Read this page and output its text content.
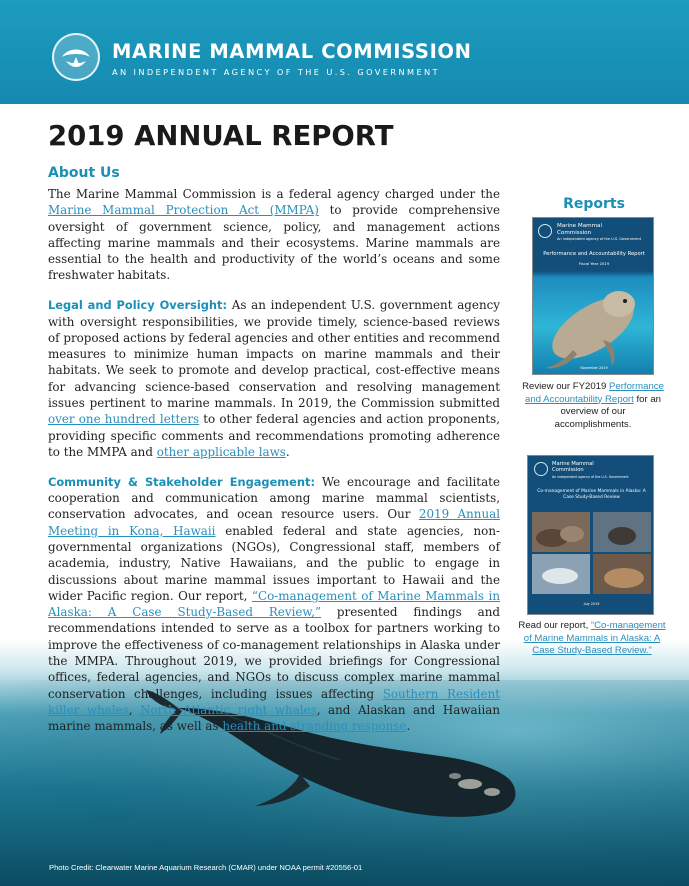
MARINE MAMMAL COMMISSION
AN INDEPENDENT AGENCY OF THE U.S. GOVERNMENT
2019 ANNUAL REPORT
About Us

The Marine Mammal Commission is a federal agency charged under the Marine Mammal Protection Act (MMPA) to provide comprehensive oversight of government science, policy, and management actions affecting marine mammals and their ecosystems. Marine mammals are essential to the health and productivity of the world’s oceans and some freshwater habitats.

Legal and Policy Oversight: As an independent U.S. government agency with oversight responsibilities, we provide timely, science-based reviews of proposed actions by federal agencies and other entities and recommend measures to minimize human impacts on marine mammals and their habitats. We seek to promote and develop practical, cost-effective means for advancing science-based conservation and resolving management issues pertinent to marine mammals. In 2019, the Commission submitted over one hundred letters to other federal agencies and action proponents, providing specific comments and recommendations promoting adherence to the MMPA and other applicable laws.

Community & Stakeholder Engagement: We encourage and facilitate cooperation and communication among marine mammal scientists, conservation advocates, and ocean resource users. Our 2019 Annual Meeting in Kona, Hawaii enabled federal and state agencies, non-governmental organizations (NGOs), Congressional staff, members of academia, industry, Native Hawaiians, and the public to engage in discussions about marine mammal issues important to Hawaii and the wider Pacific region. Our report, “Co-management of Marine Mammals in Alaska: A Case Study-Based Review,” presented findings and recommendations intended to serve as a toolbox for partners working to improve the effectiveness of co-management relationships in Alaska under the MMPA. Throughout 2019, we provided briefings for Congressional offices, federal agencies, and NGOs to discuss complex marine mammal conservation challenges, including issues affecting Southern Resident killer whales, North Atlantic right whales, and Alaskan and Hawaiian marine mammals, as well as health and stranding response.

Reports
Marine Mammal Commission
An independent agency of the U.S. Government
Performance and Accountability Report
Fiscal Year 2019
November 2019
Review our FY2019 Performance and Accountability Report for an overview of our accomplishments.
Marine Mammal Commission
An independent agency of the U.S. Government
Co-management of Marine Mammals in Alaska: A Case Study-Based Review
July 2019
Read our report, “Co-management of Marine Mammals in Alaska: A Case Study-Based Review.”
Photo Credit: Clearwater Marine Aquarium Research (CMAR) under NOAA permit #20556-01
